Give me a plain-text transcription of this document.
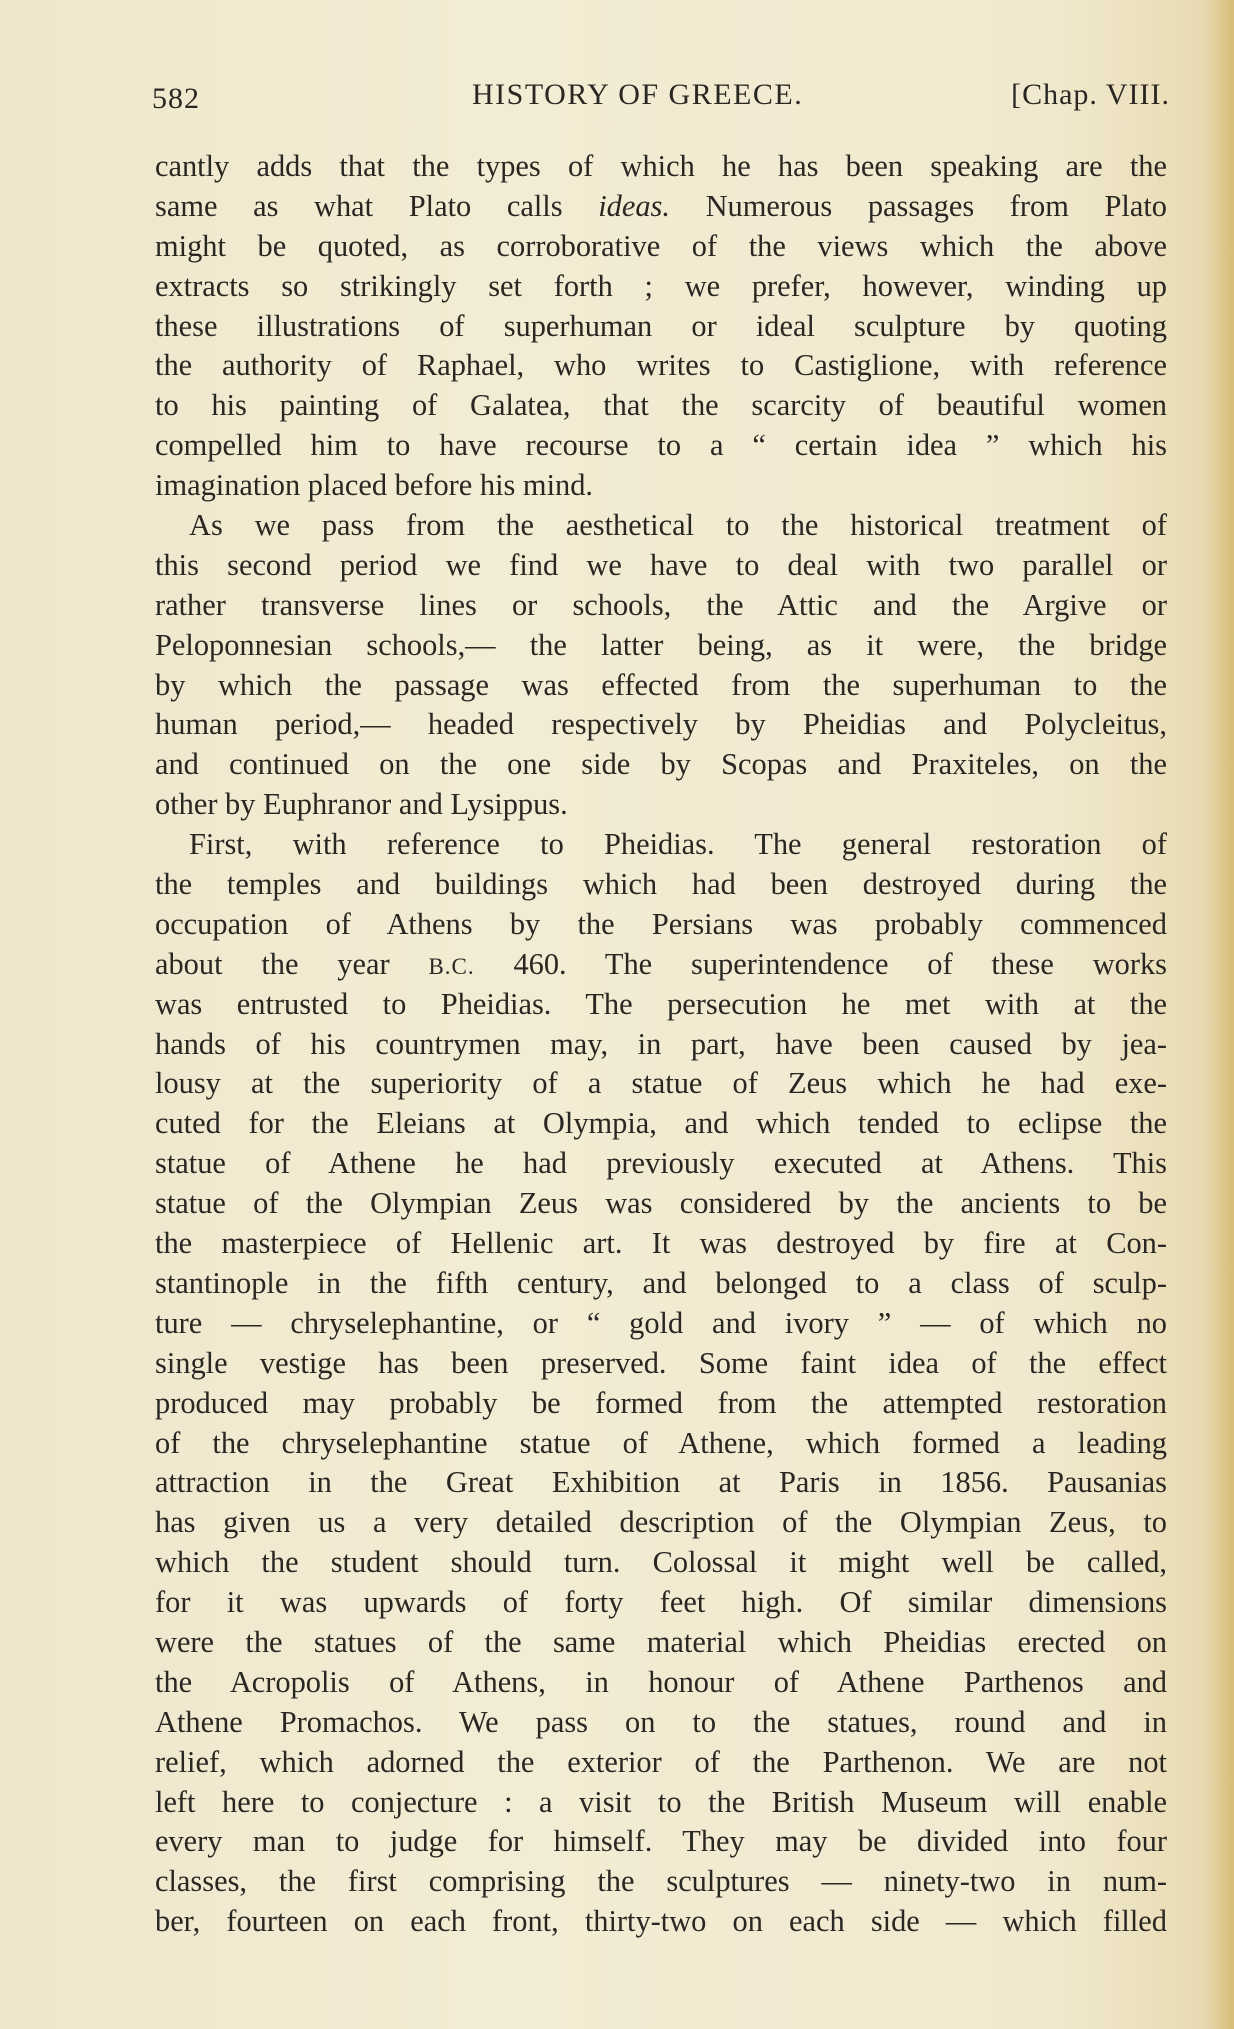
582	HISTORY OF GREECE.	[Chap. VIII.
cantly adds that the types of which he has been speaking are the
same as what Plato calls ideas. Numerous passages from Plato
might be quoted, as corroborative of the views which the above
extracts so strikingly set forth ; we prefer, however, winding up
these illustrations of superhuman or ideal sculpture by quoting
the authority of Raphael, who writes to Castiglione, with reference
to his painting of Galatea, that the scarcity of beautiful women
compelled him to have recourse to a “ certain idea ” which his
imagination placed before his mind.
As we pass from the aesthetical to the historical treatment of
this second period we find we have to deal with two parallel or
rather transverse lines or schools, the Attic and the Argive or
Peloponnesian schools,— the latter being, as it were, the bridge
by which the passage was effected from the superhuman to the
human period,— headed respectively by Pheidias and Polycleitus,
and continued on the one side by Scopas and Praxiteles, on the
other by Euphranor and Lysippus.
First, with reference to Pheidias. The general restoration of
the temples and buildings which had been destroyed during the
occupation of Athens by the Persians was probably commenced
about the year B.C. 460. The superintendence of these works
was entrusted to Pheidias. The persecution he met with at the
hands of his countrymen may, in part, have been caused by jea-
lousy at the superiority of a statue of Zeus which he had exe-
cuted for the Eleians at Olympia, and which tended to eclipse the
statue of Athene he had previously executed at Athens. This
statue of the Olympian Zeus was considered by the ancients to be
the masterpiece of Hellenic art. It was destroyed by fire at Con-
stantinople in the fifth century, and belonged to a class of sculp-
ture — chryselephantine, or “ gold and ivory ” — of which no
single vestige has been preserved. Some faint idea of the effect
produced may probably be formed from the attempted restoration
of the chryselephantine statue of Athene, which formed a leading
attraction in the Great Exhibition at Paris in 1856. Pausanias
has given us a very detailed description of the Olympian Zeus, to
which the student should turn. Colossal it might well be called,
for it was upwards of forty feet high. Of similar dimensions
were the statues of the same material which Pheidias erected on
the Acropolis of Athens, in honour of Athene Parthenos and
Athene Promachos. We pass on to the statues, round and in
relief, which adorned the exterior of the Parthenon. We are not
left here to conjecture : a visit to the British Museum will enable
every man to judge for himself. They may be divided into four
classes, the first comprising the sculptures — ninety-two in num-
ber, fourteen on each front, thirty-two on each side — which filled
